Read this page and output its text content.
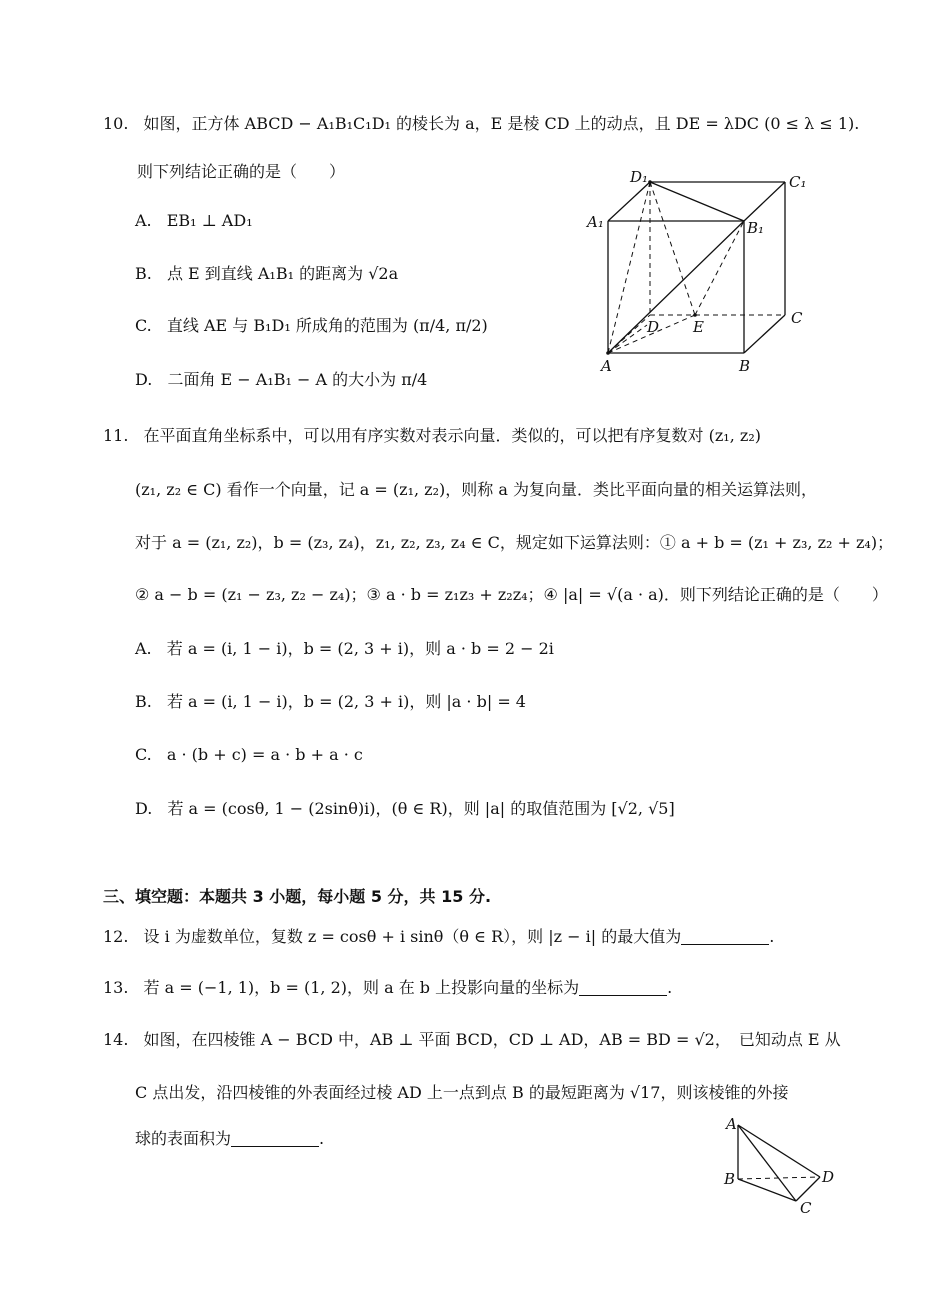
10. 如图，正方体 ABCD − A₁B₁C₁D₁ 的棱长为 a，E 是棱 CD 上的动点，且 DE = λDC (0 ≤ λ ≤ 1).
则下列结论正确的是（　　）
A. EB₁ ⊥ AD₁
B. 点 E 到直线 A₁B₁ 的距离为 √2a
C. 直线 AE 与 B₁D₁ 所成角的范围为 (π/4, π/2)
D. 二面角 E − A₁B₁ − A 的大小为 π/4
D₁	C₁
A₁	B₁
D E	C
A	B
11. 在平面直角坐标系中，可以用有序实数对表示向量．类似的，可以把有序复数对 (z₁, z₂)
(z₁, z₂ ∈ C) 看作一个向量，记 a = (z₁, z₂)，则称 a 为复向量．类比平面向量的相关运算法则，
对于 a = (z₁, z₂)，b = (z₃, z₄)，z₁, z₂, z₃, z₄ ∈ C，规定如下运算法则：① a + b = (z₁ + z₃, z₂ + z₄)；
② a − b = (z₁ − z₃, z₂ − z₄)；③ a · b = z₁z₃ + z₂z₄；④ |a| = √(a · a)．则下列结论正确的是（　　）
A. 若 a = (i, 1 − i)，b = (2, 3 + i)，则 a · b = 2 − 2i
B. 若 a = (i, 1 − i)，b = (2, 3 + i)，则 |a · b| = 4
C. a · (b + c) = a · b + a · c
D. 若 a = (cosθ, 1 − (2sinθ)i)，(θ ∈ R)，则 |a| 的取值范围为 [√2, √5]
三、填空题：本题共 3 小题，每小题 5 分，共 15 分.
12. 设 i 为虚数单位，复数 z = cosθ + i sinθ（θ ∈ R），则 |z − i| 的最大值为	.
13. 若 a = (−1, 1)，b = (1, 2)，则 a 在 b 上投影向量的坐标为	.
14. 如图，在四棱锥 A − BCD 中，AB ⊥ 平面 BCD，CD ⊥ AD，AB = BD = √2，　已知动点 E 从
C 点出发，沿四棱锥的外表面经过棱 AD 上一点到点 B 的最短距离为 √17，则该棱锥的外接
球的表面积为	.
A
B	D
C
